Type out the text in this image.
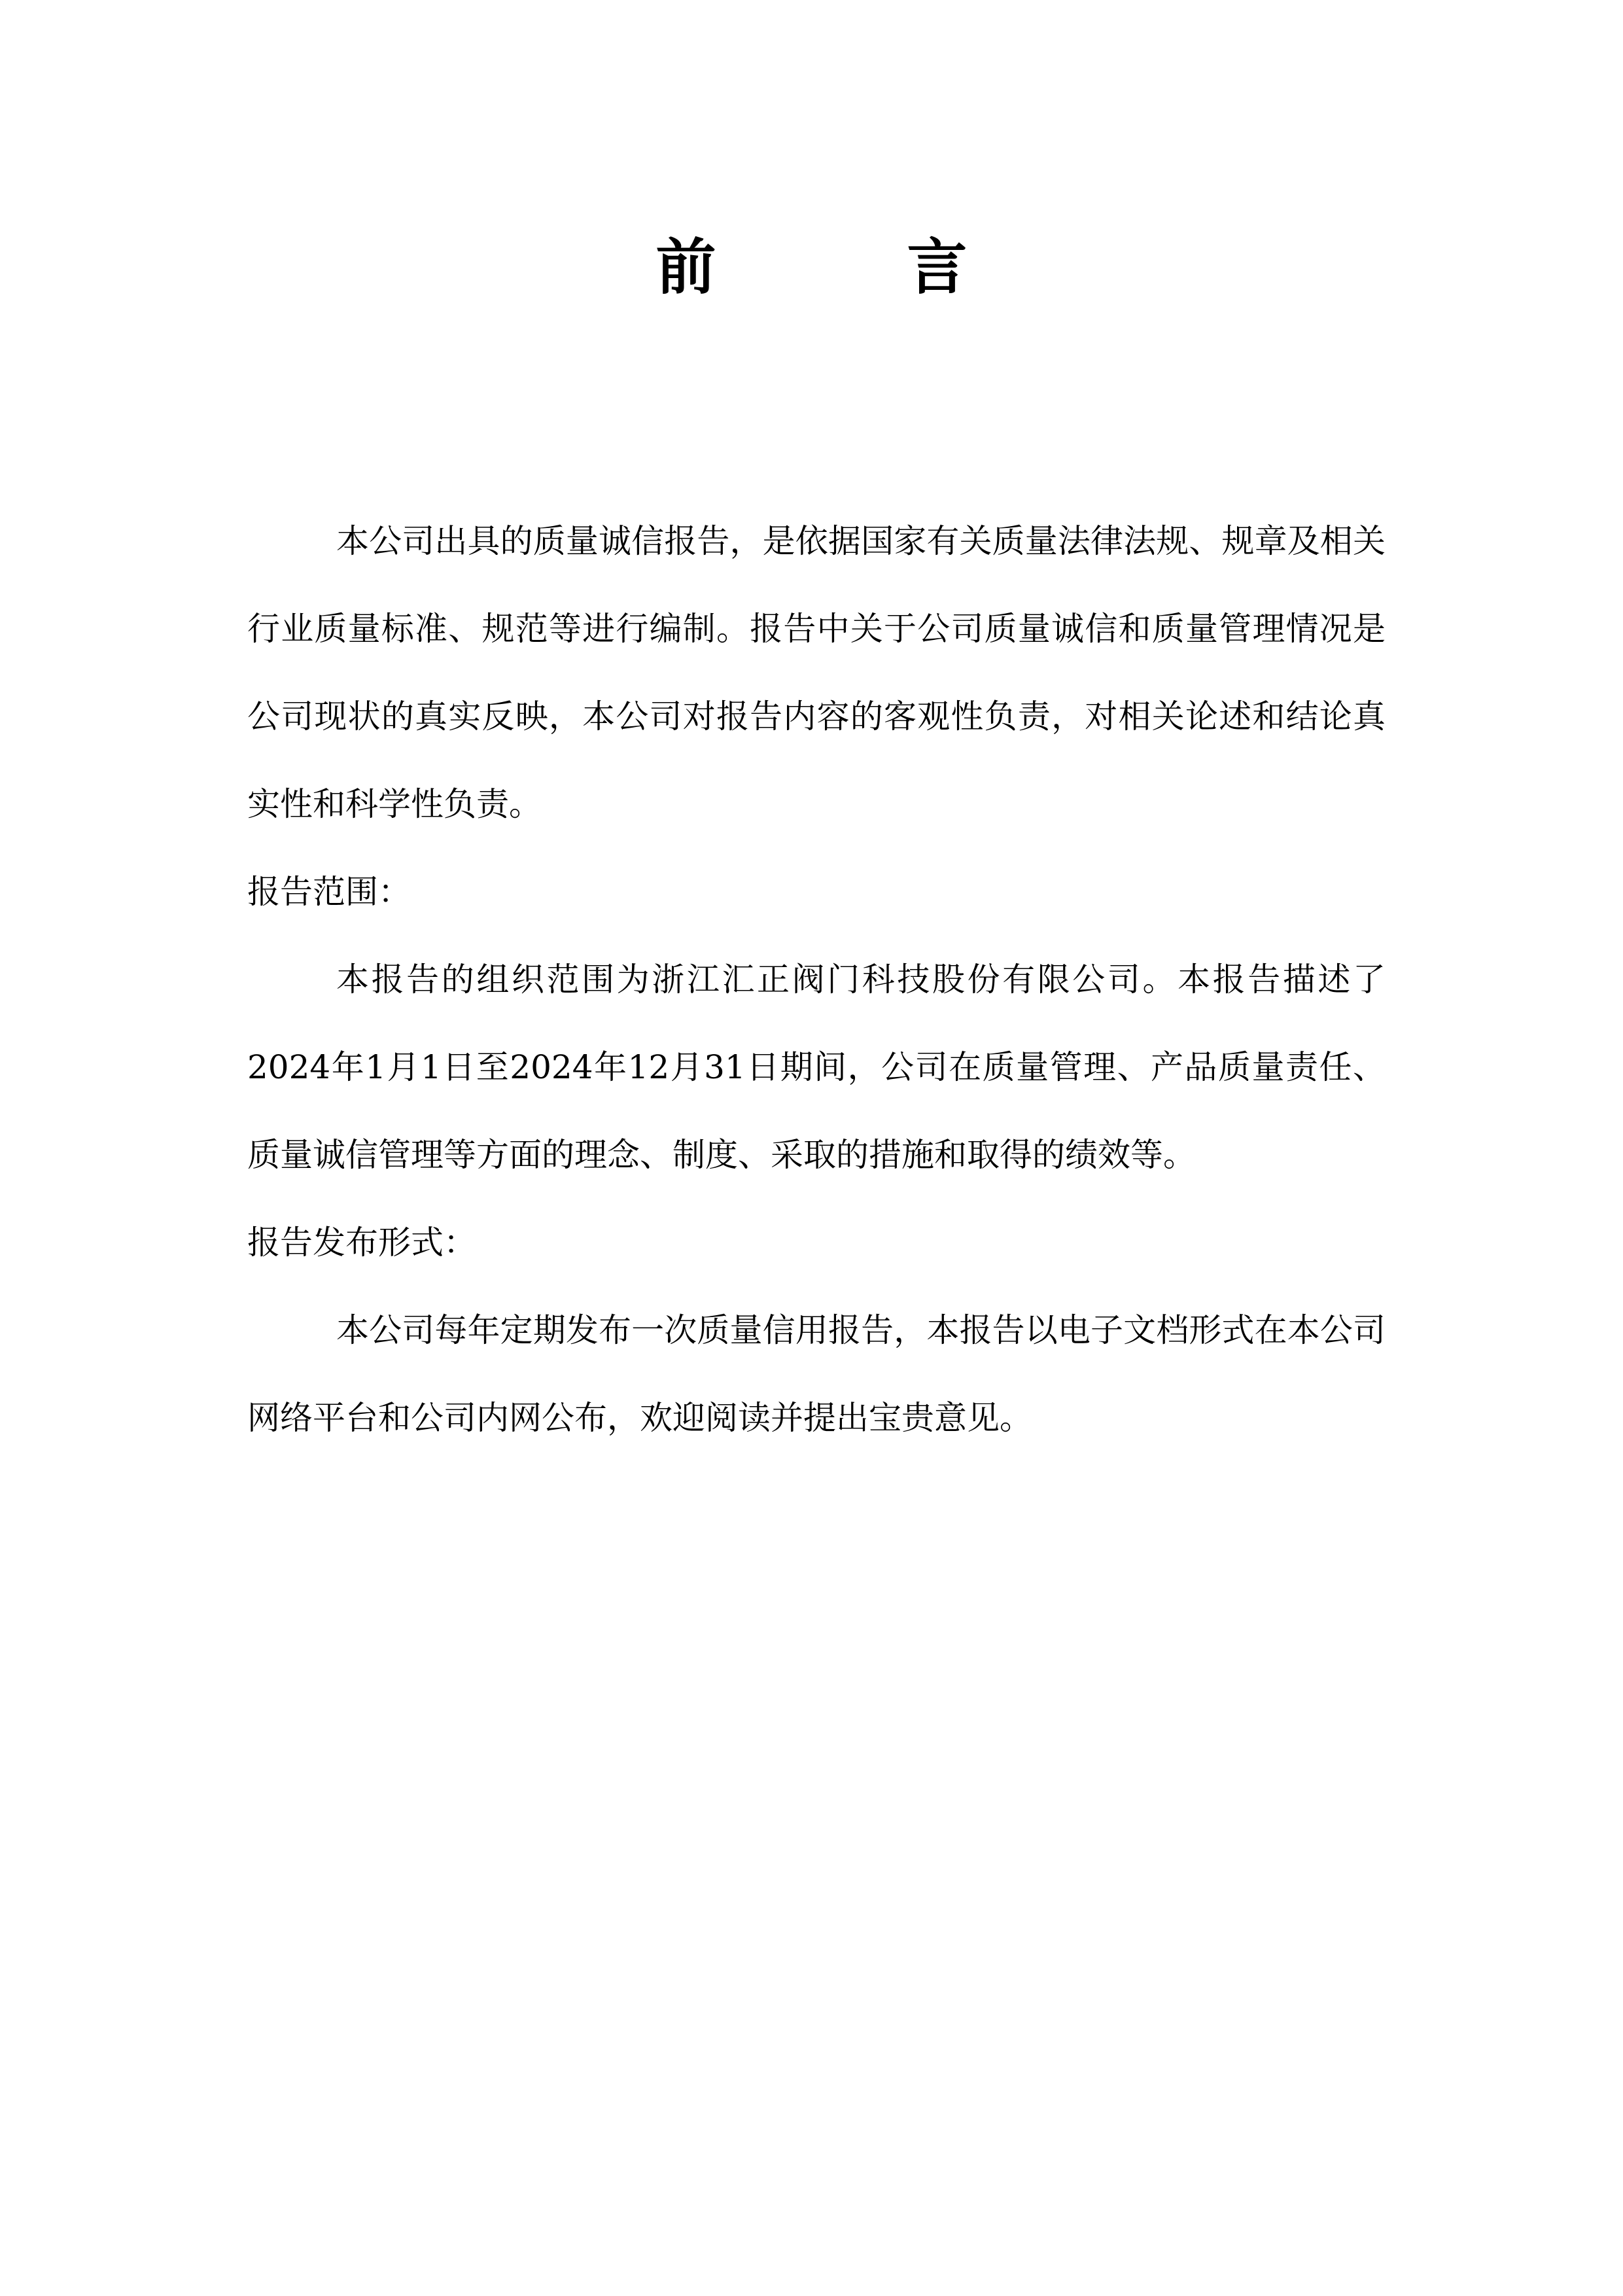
前　言

本公司出具的质量诚信报告，是依据国家有关质量法律法规、规章及相关行业质量标准、规范等进行编制。报告中关于公司质量诚信和质量管理情况是公司现状的真实反映，本公司对报告内容的客观性负责，对相关论述和结论真实性和科学性负责。

报告范围：

本报告的组织范围为浙江汇正阀门科技股份有限公司。本报告描述了2024年1月1日至2024年12月31日期间，公司在质量管理、产品质量责任、质量诚信管理等方面的理念、制度、采取的措施和取得的绩效等。

报告发布形式：

本公司每年定期发布一次质量信用报告，本报告以电子文档形式在本公司网络平台和公司内网公布，欢迎阅读并提出宝贵意见。
